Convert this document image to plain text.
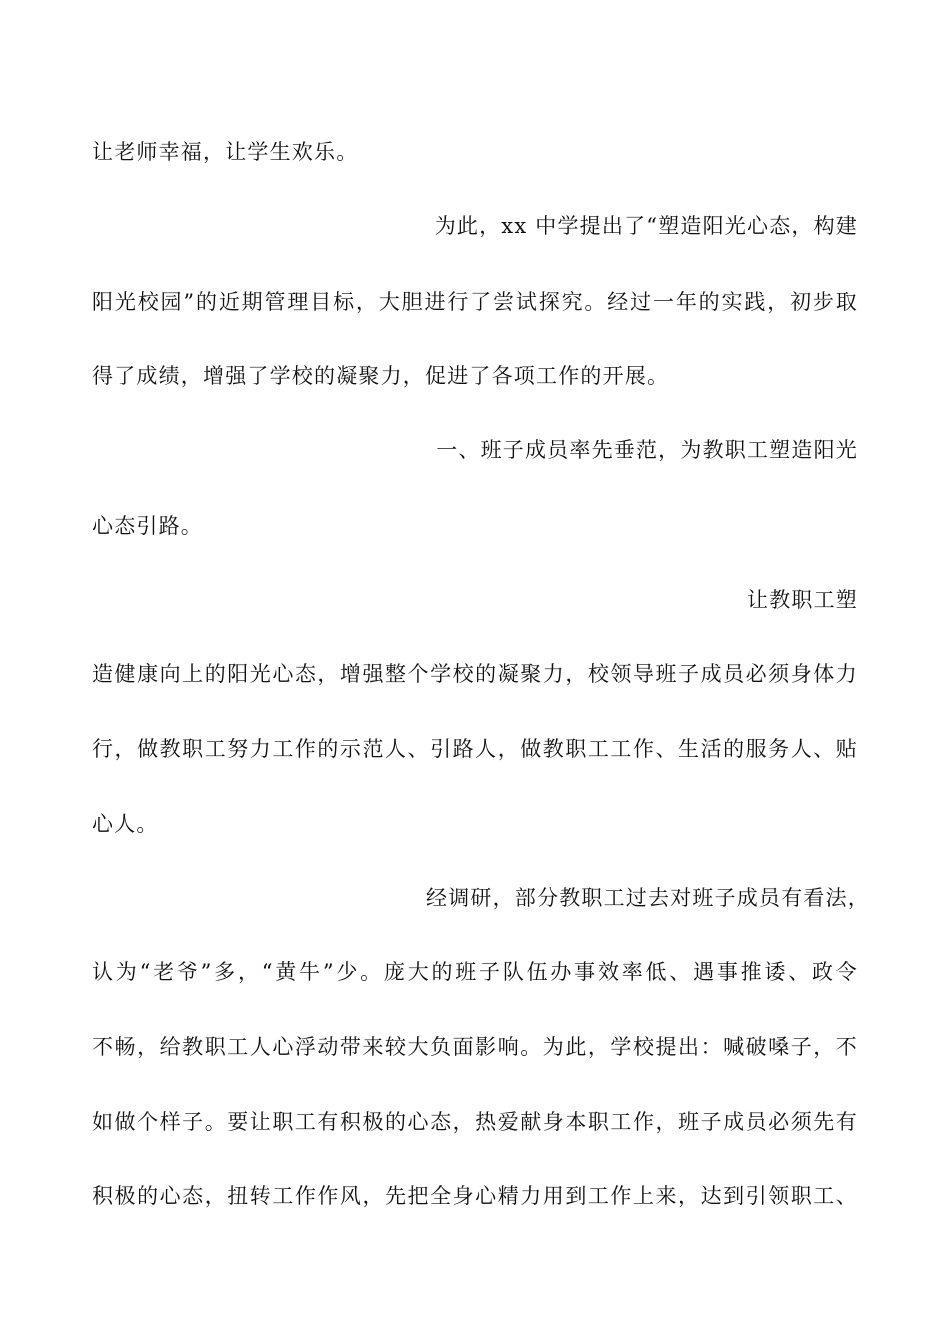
让老师幸福，让学生欢乐。
为此，xx 中学提出了“塑造阳光心态，构建
阳光校园”的近期管理目标，大胆进行了尝试探究。经过一年的实践，初步取
得了成绩，增强了学校的凝聚力，促进了各项工作的开展。
一、班子成员率先垂范，为教职工塑造阳光
心态引路。
让教职工塑
造健康向上的阳光心态，增强整个学校的凝聚力，校领导班子成员必须身体力
行，做教职工努力工作的示范人、引路人，做教职工工作、生活的服务人、贴
心人。
经调研，部分教职工过去对班子成员有看法，
认为“老爷”多，“黄牛”少。庞大的班子队伍办事效率低、遇事推诿、政令
不畅，给教职工人心浮动带来较大负面影响。为此，学校提出：喊破嗓子，不
如做个样子。要让职工有积极的心态，热爱献身本职工作，班子成员必须先有
积极的心态，扭转工作作风，先把全身心精力用到工作上来，达到引领职工、
